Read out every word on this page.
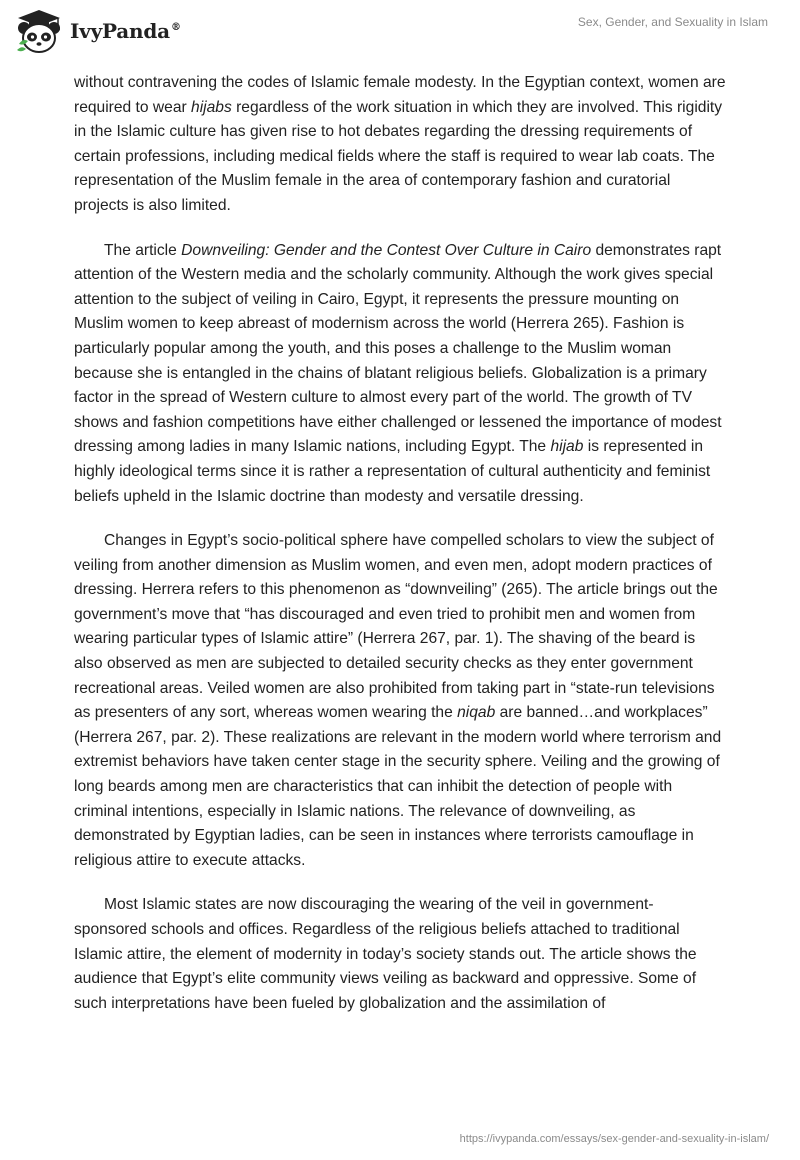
IvyPanda®	Sex, Gender, and Sexuality in Islam

without contravening the codes of Islamic female modesty. In the Egyptian context, women are required to wear hijabs regardless of the work situation in which they are involved. This rigidity in the Islamic culture has given rise to hot debates regarding the dressing requirements of certain professions, including medical fields where the staff is required to wear lab coats. The representation of the Muslim female in the area of contemporary fashion and curatorial projects is also limited.

The article Downveiling: Gender and the Contest Over Culture in Cairo demonstrates rapt attention of the Western media and the scholarly community. Although the work gives special attention to the subject of veiling in Cairo, Egypt, it represents the pressure mounting on Muslim women to keep abreast of modernism across the world (Herrera 265). Fashion is particularly popular among the youth, and this poses a challenge to the Muslim woman because she is entangled in the chains of blatant religious beliefs. Globalization is a primary factor in the spread of Western culture to almost every part of the world. The growth of TV shows and fashion competitions have either challenged or lessened the importance of modest dressing among ladies in many Islamic nations, including Egypt. The hijab is represented in highly ideological terms since it is rather a representation of cultural authenticity and feminist beliefs upheld in the Islamic doctrine than modesty and versatile dressing.

Changes in Egypt’s socio-political sphere have compelled scholars to view the subject of veiling from another dimension as Muslim women, and even men, adopt modern practices of dressing. Herrera refers to this phenomenon as “downveiling” (265). The article brings out the government’s move that “has discouraged and even tried to prohibit men and women from wearing particular types of Islamic attire” (Herrera 267, par. 1). The shaving of the beard is also observed as men are subjected to detailed security checks as they enter government recreational areas. Veiled women are also prohibited from taking part in “state-run televisions as presenters of any sort, whereas women wearing the niqab are banned…and workplaces” (Herrera 267, par. 2). These realizations are relevant in the modern world where terrorism and extremist behaviors have taken center stage in the security sphere. Veiling and the growing of long beards among men are characteristics that can inhibit the detection of people with criminal intentions, especially in Islamic nations. The relevance of downveiling, as demonstrated by Egyptian ladies, can be seen in instances where terrorists camouflage in religious attire to execute attacks.

Most Islamic states are now discouraging the wearing of the veil in government-sponsored schools and offices. Regardless of the religious beliefs attached to traditional Islamic attire, the element of modernity in today’s society stands out. The article shows the audience that Egypt’s elite community views veiling as backward and oppressive. Some of such interpretations have been fueled by globalization and the assimilation of

https://ivypanda.com/essays/sex-gender-and-sexuality-in-islam/
